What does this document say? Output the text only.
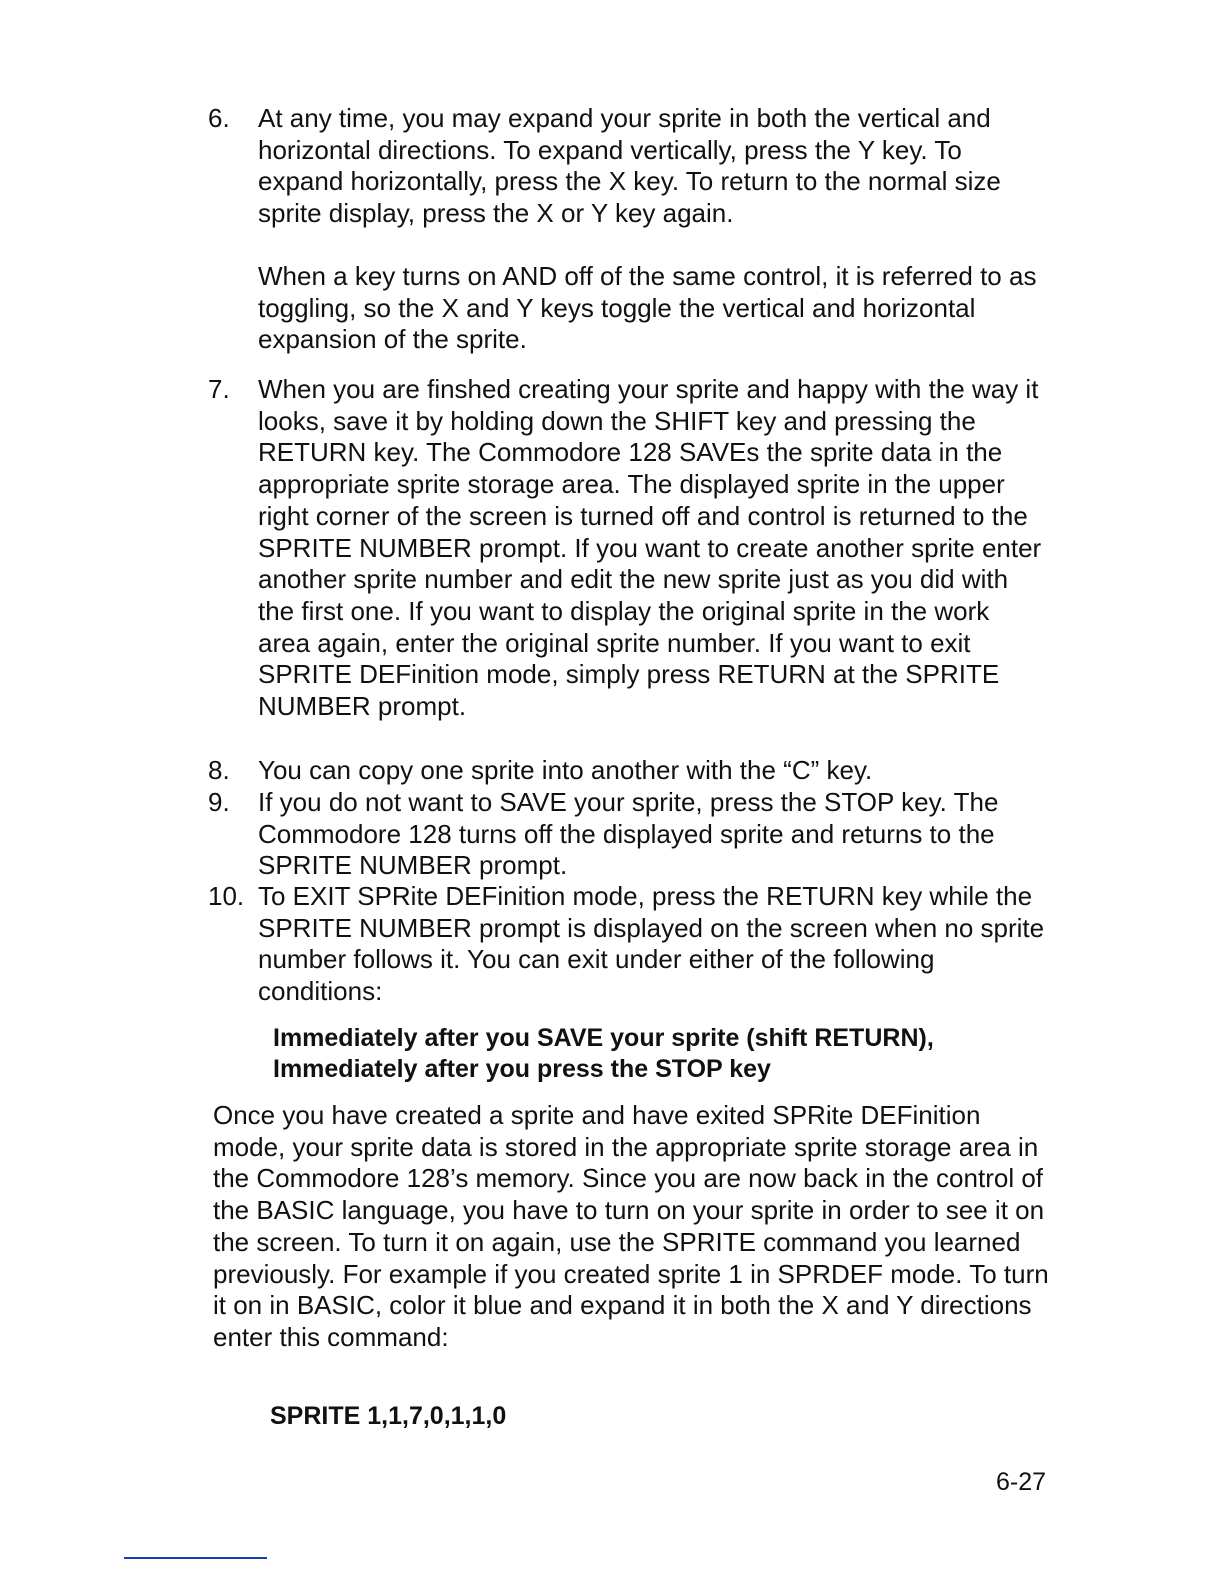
6. At any time, you may expand your sprite in both the vertical and horizontal directions. To expand vertically, press the Y key. To expand horizontally, press the X key. To return to the normal size sprite display, press the X or Y key again.
When a key turns on AND off of the same control, it is referred to as toggling, so the X and Y keys toggle the vertical and horizontal expansion of the sprite.
7. When you are finshed creating your sprite and happy with the way it looks, save it by holding down the SHIFT key and pressing the RETURN key. The Commodore 128 SAVEs the sprite data in the appropriate sprite storage area. The displayed sprite in the upper right corner of the screen is turned off and control is returned to the SPRITE NUMBER prompt. If you want to create another sprite enter another sprite number and edit the new sprite just as you did with the first one. If you want to display the original sprite in the work area again, enter the original sprite number. If you want to exit SPRITE DEFinition mode, simply press RETURN at the SPRITE NUMBER prompt.
8. You can copy one sprite into another with the “C” key.
9. If you do not want to SAVE your sprite, press the STOP key. The Commodore 128 turns off the displayed sprite and returns to the SPRITE NUMBER prompt.
10. To EXIT SPRite DEFinition mode, press the RETURN key while the SPRITE NUMBER prompt is displayed on the screen when no sprite number follows it. You can exit under either of the following conditions:
Immediately after you SAVE your sprite (shift RETURN),
Immediately after you press the STOP key
Once you have created a sprite and have exited SPRite DEFinition mode, your sprite data is stored in the appropriate sprite storage area in the Commodore 128’s memory. Since you are now back in the control of the BASIC language, you have to turn on your sprite in order to see it on the screen. To turn it on again, use the SPRITE command you learned previously. For example if you created sprite 1 in SPRDEF mode. To turn it on in BASIC, color it blue and expand it in both the X and Y directions enter this command:
SPRITE 1,1,7,0,1,1,0
6-27
